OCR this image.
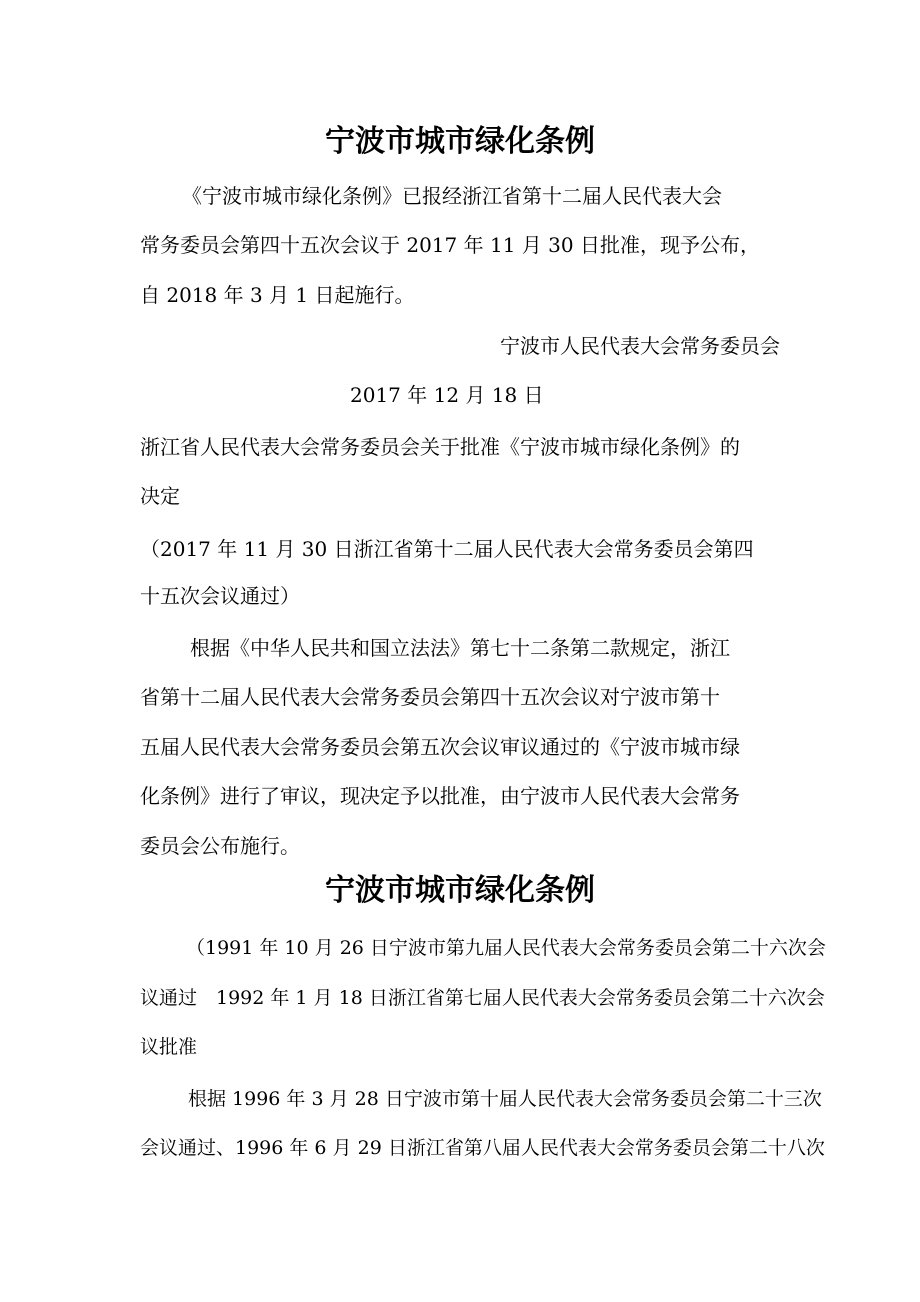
宁波市城市绿化条例

《宁波市城市绿化条例》已报经浙江省第十二届人民代表大会

常务委员会第四十五次会议于 2017 年 11 月 30 日批准，现予公布，

自 2018 年 3 月 1 日起施行。

宁波市人民代表大会常务委员会

2017 年 12 月 18 日

浙江省人民代表大会常务委员会关于批准《宁波市城市绿化条例》的

决定

（2017 年 11 月 30 日浙江省第十二届人民代表大会常务委员会第四

十五次会议通过）

根据《中华人民共和国立法法》第七十二条第二款规定，浙江

省第十二届人民代表大会常务委员会第四十五次会议对宁波市第十

五届人民代表大会常务委员会第五次会议审议通过的《宁波市城市绿

化条例》进行了审议，现决定予以批准，由宁波市人民代表大会常务

委员会公布施行。

宁波市城市绿化条例

（1991 年 10 月 26 日宁波市第九届人民代表大会常务委员会第二十六次会

议通过　1992 年 1 月 18 日浙江省第七届人民代表大会常务委员会第二十六次会

议批准

根据 1996 年 3 月 28 日宁波市第十届人民代表大会常务委员会第二十三次

会议通过、1996 年 6 月 29 日浙江省第八届人民代表大会常务委员会第二十八次
